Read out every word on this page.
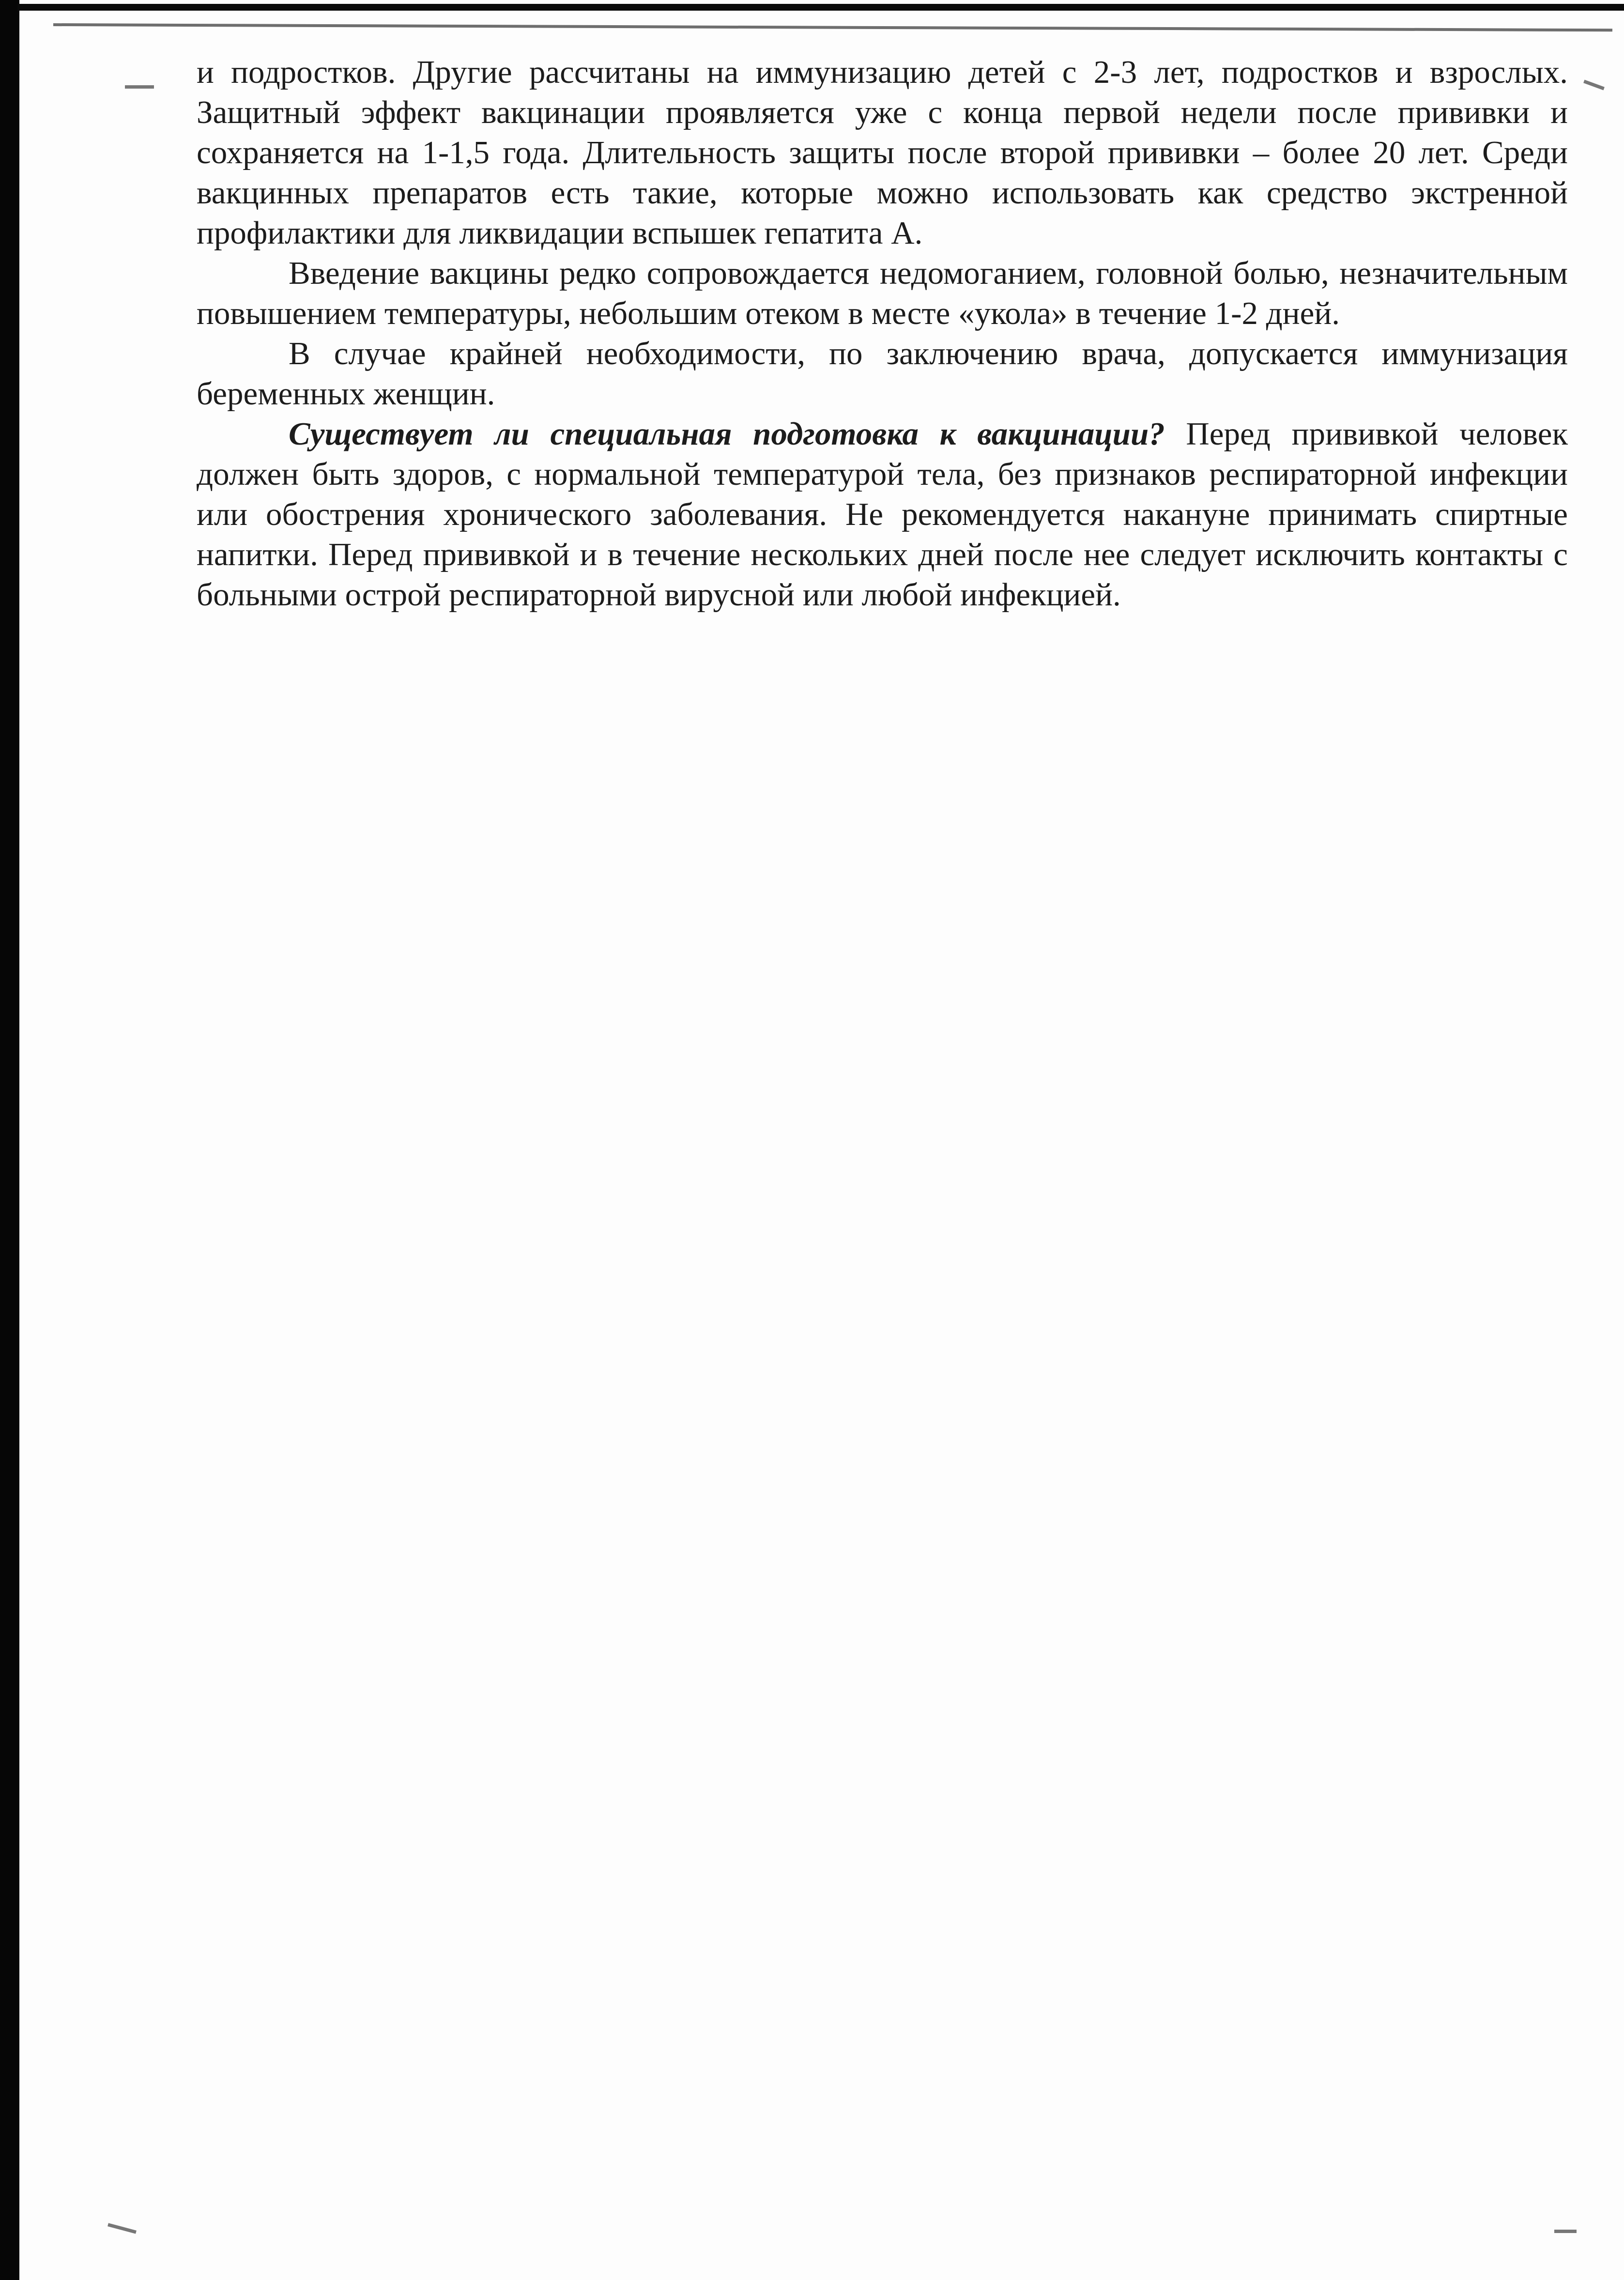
и подростков. Другие рассчитаны на иммунизацию детей с 2-3 лет, подростков и взрослых. Защитный эффект вакцинации проявляется уже с конца первой недели после прививки и сохраняется на 1-1,5 года. Длительность защиты после второй прививки – более 20 лет. Среди вакцинных препаратов есть такие, которые можно использовать как средство экстренной профилактики для ликвидации вспышек гепатита А.

Введение вакцины редко сопровождается недомоганием, головной болью, незначительным повышением температуры, небольшим отеком в месте «укола» в течение 1-2 дней.

В случае крайней необходимости, по заключению врача, допускается иммунизация беременных женщин.

Существует ли специальная подготовка к вакцинации? Перед прививкой человек должен быть здоров, с нормальной температурой тела, без признаков респираторной инфекции или обострения хронического заболевания. Не рекомендуется накануне принимать спиртные напитки. Перед прививкой и в течение нескольких дней после нее следует исключить контакты с больными острой респираторной вирусной или любой инфекцией.
